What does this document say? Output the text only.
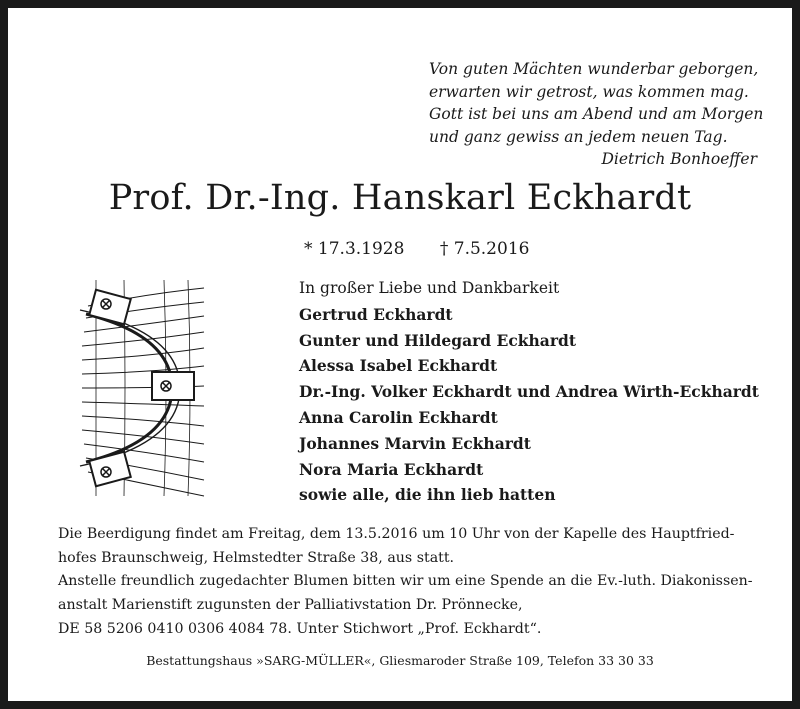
Von guten Mächten wunderbar geborgen,
erwarten wir getrost, was kommen mag.
Gott ist bei uns am Abend und am Morgen
und ganz gewiss an jedem neuen Tag.
Dietrich Bonhoeffer
Prof. Dr.-Ing. Hanskarl Eckhardt
* 17.3.1928 † 7.5.2016
In großer Liebe und Dankbarkeit
Gertrud Eckhardt
Gunter und Hildegard Eckhardt
Alessa Isabel Eckhardt
Dr.-Ing. Volker Eckhardt und Andrea Wirth-Eckhardt
Anna Carolin Eckhardt
Johannes Marvin Eckhardt
Nora Maria Eckhardt
sowie alle, die ihn lieb hatten
Die Beerdigung findet am Freitag, dem 13.5.2016 um 10 Uhr von der Kapelle des Hauptfried-
hofes Braunschweig, Helmstedter Straße 38, aus statt.
Anstelle freundlich zugedachter Blumen bitten wir um eine Spende an die Ev.-luth. Diakonissen-
anstalt Marienstift zugunsten der Palliativstation Dr. Prönnecke,
DE 58 5206 0410 0306 4084 78. Unter Stichwort „Prof. Eckhardt“.
Bestattungshaus »SARG-MÜLLER«, Gliesmaroder Straße 109, Telefon 33 30 33
